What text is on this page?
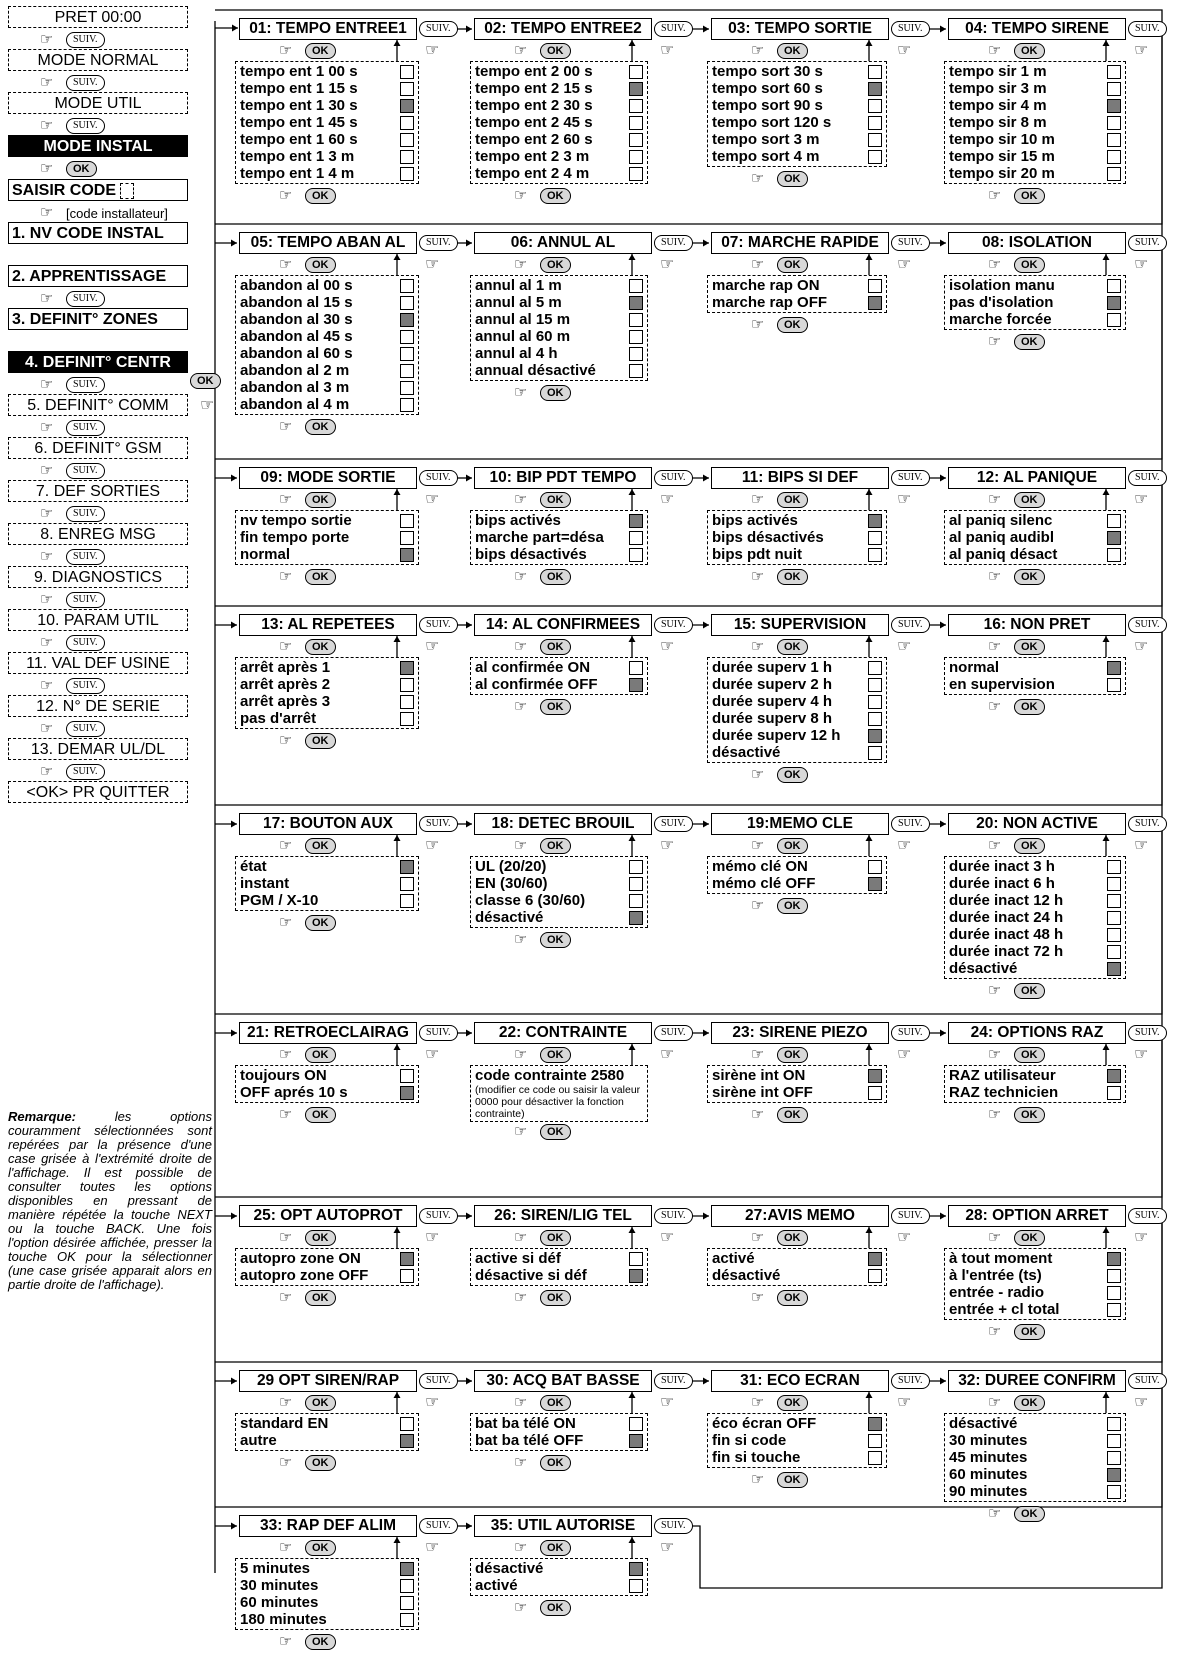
PRET 00:00
☞	SUIV.
MODE NORMAL
☞	SUIV.
MODE UTIL
☞	SUIV.
MODE INSTAL
☞	OK
SAISIR CODE
☞ [code installateur]
1. NV CODE INSTAL
2. APPRENTISSAGE
☞	SUIV.
3. DEFINIT° ZONES
4. DEFINIT° CENTR
☞	SUIV.
5. DEFINIT° COMM
☞	SUIV.
6. DEFINIT° GSM
☞	SUIV.
7. DEF SORTIES
☞	SUIV.
8. ENREG MSG
☞	SUIV.
9. DIAGNOSTICS
☞	SUIV.
10. PARAM UTIL
☞	SUIV.
11. VAL DEF USINE
☞	SUIV.
12. N° DE SERIE
☞	SUIV.
13. DEMAR UL/DL
☞	SUIV.
<OK> PR QUITTER
OK
☞
Remarque: les options couramment sélectionnées sont repérées par la présence d'une case grisée à l'extrémité droite de l'affichage. Il est possible de consulter toutes les options disponibles en pressant de manière répétée la touche NEXT ou la touche BACK. Une fois l'option désirée affichée, presser la touche OK pour la sélectionner (une case grisée apparait alors en partie droite de l'affichage).
01: TEMPO ENTREE1	SUIV.
☞
☞	OK
tempo ent 1 00 s
tempo ent 1 15 s
tempo ent 1 30 s
tempo ent 1 45 s
tempo ent 1 60 s
tempo ent 1 3 m
tempo ent 1 4 m
☞	OK
02: TEMPO ENTREE2	SUIV.
☞
☞	OK
tempo ent 2 00 s
tempo ent 2 15 s
tempo ent 2 30 s
tempo ent 2 45 s
tempo ent 2 60 s
tempo ent 2 3 m
tempo ent 2 4 m
☞	OK
03: TEMPO SORTIE	SUIV.
☞
☞	OK
tempo sort 30 s
tempo sort 60 s
tempo sort 90 s
tempo sort 120 s
tempo sort 3 m
tempo sort 4 m
☞	OK
04: TEMPO SIRENE	SUIV.
☞
☞	OK
tempo sir 1 m
tempo sir 3 m
tempo sir 4 m
tempo sir 8 m
tempo sir 10 m
tempo sir 15 m
tempo sir 20 m
☞	OK
05: TEMPO ABAN AL	SUIV.
☞
☞	OK
abandon al 00 s
abandon al 15 s
abandon al 30 s
abandon al 45 s
abandon al 60 s
abandon al 2 m
abandon al 3 m
abandon al 4 m
☞	OK
06: ANNUL AL	SUIV.
☞
☞	OK
annul al 1 m
annul al 5 m
annul al 15 m
annul al 60 m
annul al 4 h
annual désactivé
☞	OK
07: MARCHE RAPIDE	SUIV.
☞
☞	OK
marche rap ON
marche rap OFF
☞	OK
08: ISOLATION	SUIV.
☞
☞	OK
isolation manu
pas d'isolation
marche forcée
☞	OK
09: MODE SORTIE	SUIV.
☞
☞	OK
nv tempo sortie
fin tempo porte
normal
☞	OK
10: BIP PDT TEMPO	SUIV.
☞
☞	OK
bips activés
marche part=désa
bips désactivés
☞	OK
11: BIPS SI DEF	SUIV.
☞
☞	OK
bips activés
bips désactivés
bips pdt nuit
☞	OK
12: AL PANIQUE	SUIV.
☞
☞	OK
al paniq silenc
al paniq audibl
al paniq désact
☞	OK
13: AL REPETEES	SUIV.
☞
☞	OK
arrêt après 1
arrêt après 2
arrêt après 3
pas d'arrêt
☞	OK
14: AL CONFIRMEES	SUIV.
☞
☞	OK
al confirmée ON
al confirmée OFF
☞	OK
15: SUPERVISION	SUIV.
☞
☞	OK
durée superv 1 h
durée superv 2 h
durée superv 4 h
durée superv 8 h
durée superv 12 h
désactivé
☞	OK
16: NON PRET	SUIV.
☞
☞	OK
normal
en supervision
☞	OK
17: BOUTON AUX	SUIV.
☞
☞	OK
état
instant
PGM / X-10
☞	OK
18: DETEC BROUIL	SUIV.
☞
☞	OK
UL (20/20)
EN (30/60)
classe 6 (30/60)
désactivé
☞	OK
19:MEMO CLE	SUIV.
☞
☞	OK
mémo clé ON
mémo clé OFF
☞	OK
20: NON ACTIVE	SUIV.
☞
☞	OK
durée inact 3 h
durée inact 6 h
durée inact 12 h
durée inact 24 h
durée inact 48 h
durée inact 72 h
désactivé
☞	OK
21: RETROECLAIRAG	SUIV.
☞
☞	OK
toujours ON
OFF aprés 10 s
☞	OK
22: CONTRAINTE	SUIV.
☞
☞	OK
code contrainte 2580
(modifier ce code ou saisir la valeur 0000 pour désactiver la fonction contrainte)
☞	OK
23: SIRENE PIEZO	SUIV.
☞
☞	OK
sirène int ON
sirène int OFF
☞	OK
24: OPTIONS RAZ	SUIV.
☞
☞	OK
RAZ utilisateur
RAZ technicien
☞	OK
25: OPT AUTOPROT	SUIV.
☞
☞	OK
autopro zone ON
autopro zone OFF
☞	OK
26: SIREN/LIG TEL	SUIV.
☞
☞	OK
active si déf
désactive si déf
☞	OK
27:AVIS MEMO	SUIV.
☞
☞	OK
activé
désactivé
☞	OK
28: OPTION ARRET	SUIV.
☞
☞	OK
à tout moment
à l'entrée (ts)
entrée - radio
entrée + cl total
☞	OK
29 OPT SIREN/RAP	SUIV.
☞
☞	OK
standard EN
autre
☞	OK
30: ACQ BAT BASSE	SUIV.
☞
☞	OK
bat ba télé ON
bat ba télé OFF
☞	OK
31: ECO ECRAN	SUIV.
☞
☞	OK
éco écran OFF
fin si code
fin si touche
☞	OK
32: DUREE CONFIRM	SUIV.
☞
☞	OK
désactivé
30 minutes
45 minutes
60 minutes
90 minutes
☞	OK
33: RAP DEF ALIM	SUIV.
☞
☞	OK
5 minutes
30 minutes
60 minutes
180 minutes
☞	OK
35: UTIL AUTORISE	SUIV.
☞
☞	OK
désactivé
activé
☞	OK
